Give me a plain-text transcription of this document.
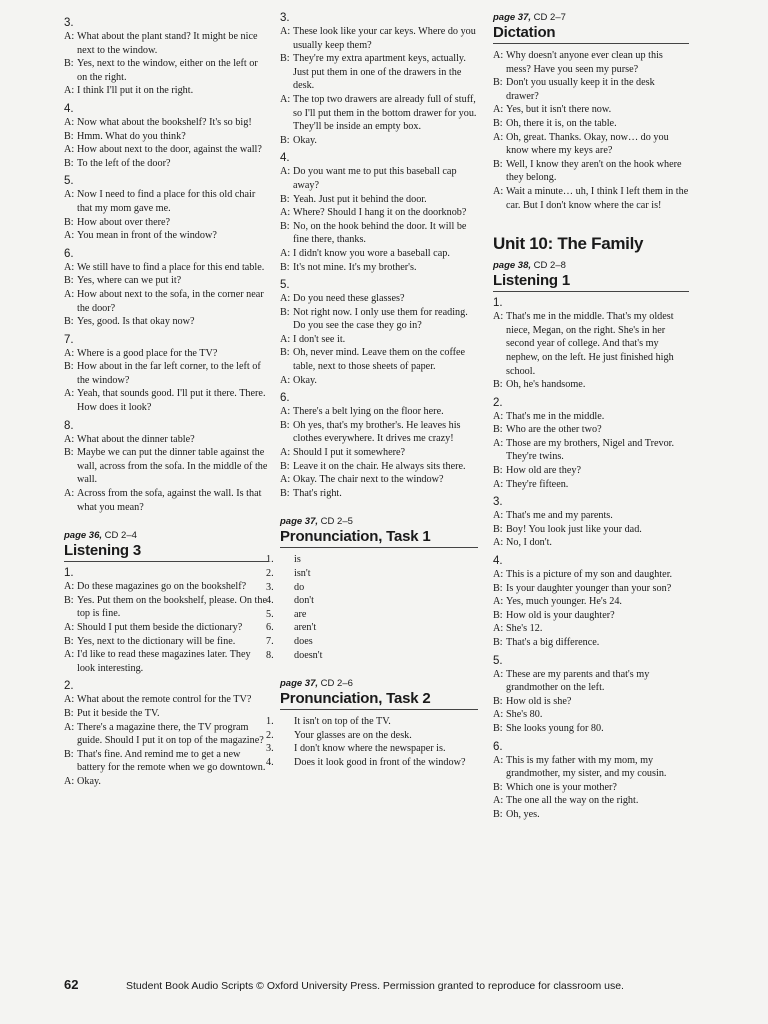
3.
A: What about the plant stand? It might be nice next to the window.
B: Yes, next to the window, either on the left or on the right.
A: I think I'll put it on the right.
4.
A: Now what about the bookshelf? It's so big!
B: Hmm. What do you think?
A: How about next to the door, against the wall?
B: To the left of the door?
5.
A: Now I need to find a place for this old chair that my mom gave me.
B: How about over there?
A: You mean in front of the window?
6.
A: We still have to find a place for this end table.
B: Yes, where can we put it?
A: How about next to the sofa, in the corner near the door?
B: Yes, good. Is that okay now?
7.
A: Where is a good place for the TV?
B: How about in the far left corner, to the left of the window?
A: Yeah, that sounds good. I'll put it there. There. How does it look?
8.
A: What about the dinner table?
B: Maybe we can put the dinner table against the wall, across from the sofa. In the middle of the wall.
A: Across from the sofa, against the wall. Is that what you mean?
page 36, CD 2–4
Listening 3
1.
A: Do these magazines go on the bookshelf?
B: Yes. Put them on the bookshelf, please. On the top is fine.
A: Should I put them beside the dictionary?
B: Yes, next to the dictionary will be fine.
A: I'd like to read these magazines later. They look interesting.
2.
A: What about the remote control for the TV?
B: Put it beside the TV.
A: There's a magazine there, the TV program guide. Should I put it on top of the magazine?
B: That's fine. And remind me to get a new battery for the remote when we go downtown.
A: Okay.
3.
A: These look like your car keys. Where do you usually keep them?
B: They're my extra apartment keys, actually. Just put them in one of the drawers in the desk.
A: The top two drawers are already full of stuff, so I'll put them in the bottom drawer for you. They'll be inside an empty box.
B: Okay.
4.
A: Do you want me to put this baseball cap away?
B: Yeah. Just put it behind the door.
A: Where? Should I hang it on the doorknob?
B: No, on the hook behind the door. It will be fine there, thanks.
A: I didn't know you wore a baseball cap.
B: It's not mine. It's my brother's.
5.
A: Do you need these glasses?
B: Not right now. I only use them for reading. Do you see the case they go in?
A: I don't see it.
B: Oh, never mind. Leave them on the coffee table, next to those sheets of paper.
A: Okay.
6.
A: There's a belt lying on the floor here.
B: Oh yes, that's my brother's. He leaves his clothes everywhere. It drives me crazy!
A: Should I put it somewhere?
B: Leave it on the chair. He always sits there.
A: Okay. The chair next to the window?
B: That's right.
page 37, CD 2–5
Pronunciation, Task 1
1. is
2. isn't
3. do
4. don't
5. are
6. aren't
7. does
8. doesn't
page 37, CD 2–6
Pronunciation, Task 2
1. It isn't on top of the TV.
2. Your glasses are on the desk.
3. I don't know where the newspaper is.
4. Does it look good in front of the window?
page 37, CD 2–7
Dictation
A: Why doesn't anyone ever clean up this mess? Have you seen my purse?
B: Don't you usually keep it in the desk drawer?
A: Yes, but it isn't there now.
B: Oh, there it is, on the table.
A: Oh, great. Thanks. Okay, now… do you know where my keys are?
B: Well, I know they aren't on the hook where they belong.
A: Wait a minute… uh, I think I left them in the car. But I don't know where the car is!
Unit 10: The Family
page 38, CD 2–8
Listening 1
1.
A: That's me in the middle. That's my oldest niece, Megan, on the right. She's in her second year of college. And that's my nephew, on the left. He just finished high school.
B: Oh, he's handsome.
2.
A: That's me in the middle.
B: Who are the other two?
A: Those are my brothers, Nigel and Trevor. They're twins.
B: How old are they?
A: They're fifteen.
3.
A: That's me and my parents.
B: Boy! You look just like your dad.
A: No, I don't.
4.
A: This is a picture of my son and daughter.
B: Is your daughter younger than your son?
A: Yes, much younger. He's 24.
B: How old is your daughter?
A: She's 12.
B: That's a big difference.
5.
A: These are my parents and that's my grandmother on the left.
B: How old is she?
A: She's 80.
B: She looks young for 80.
6.
A: This is my father with my mom, my grandmother, my sister, and my cousin.
B: Which one is your mother?
A: The one all the way on the right.
B: Oh, yes.
62	Student Book Audio Scripts © Oxford University Press. Permission granted to reproduce for classroom use.
